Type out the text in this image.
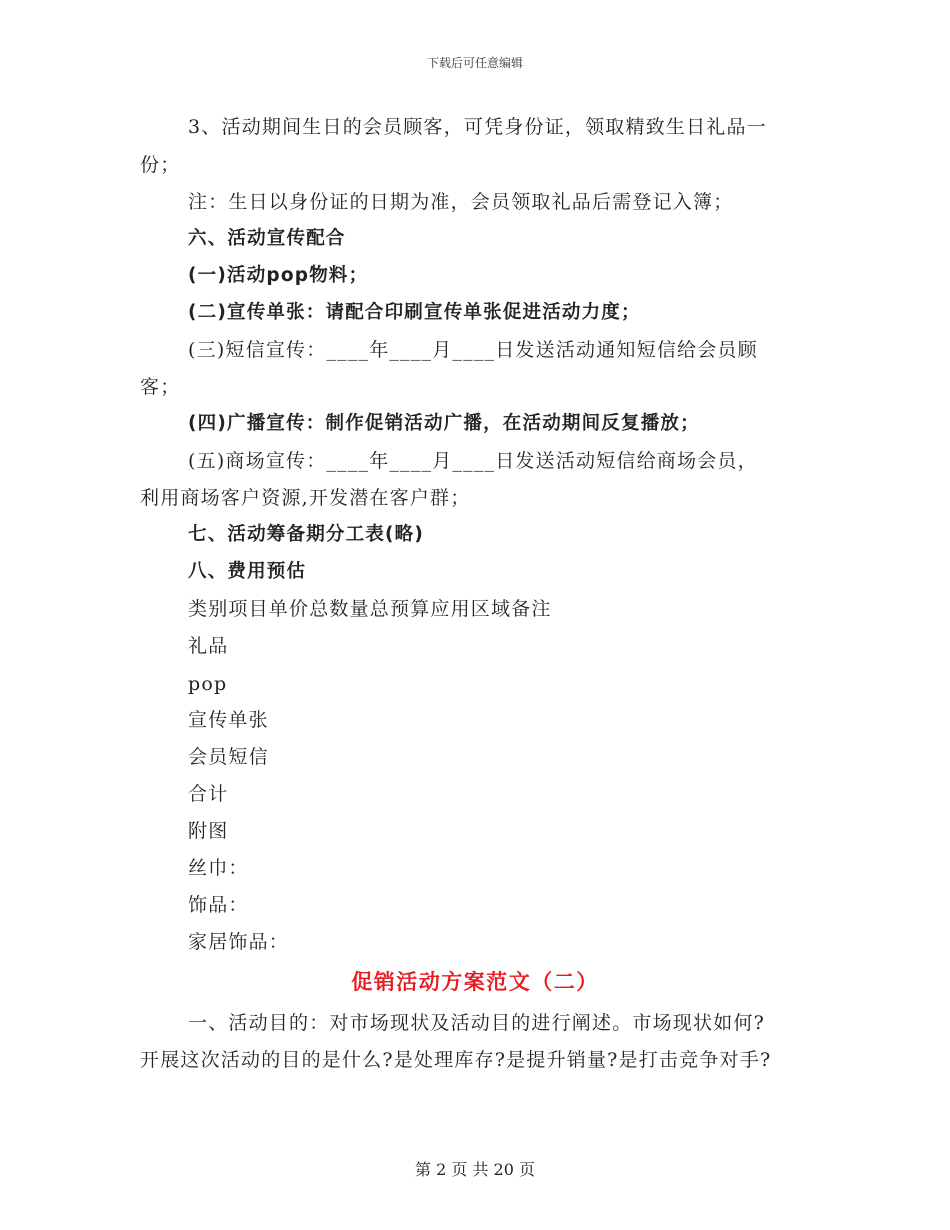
下载后可任意编辑
3、活动期间生日的会员顾客，可凭身份证，领取精致生日礼品一
份；
注：生日以身份证的日期为准，会员领取礼品后需登记入簿；
六、活动宣传配合
(一)活动pop物料；
(二)宣传单张：请配合印刷宣传单张促进活动力度；
(三)短信宣传：____年____月____日发送活动通知短信给会员顾
客；
(四)广播宣传：制作促销活动广播，在活动期间反复播放；
(五)商场宣传：____年____月____日发送活动短信给商场会员，
利用商场客户资源,开发潜在客户群；
七、活动筹备期分工表(略)
八、费用预估
类别项目单价总数量总预算应用区域备注
礼品
pop
宣传单张
会员短信
合计
附图
丝巾：
饰品：
家居饰品：
促销活动方案范文（二）
一、活动目的：对市场现状及活动目的进行阐述。市场现状如何?
开展这次活动的目的是什么?是处理库存?是提升销量?是打击竞争对手?
第 2 页 共 20 页
